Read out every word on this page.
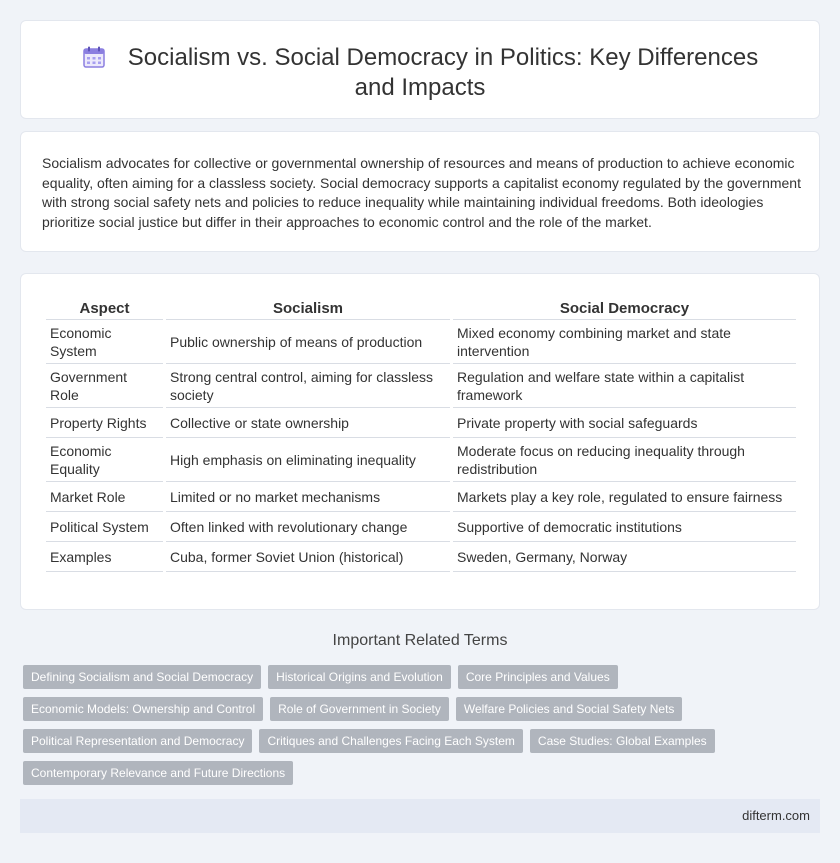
Socialism vs. Social Democracy in Politics: Key Differences and Impacts

Socialism advocates for collective or governmental ownership of resources and means of production to achieve economic equality, often aiming for a classless society. Social democracy supports a capitalist economy regulated by the government with strong social safety nets and policies to reduce inequality while maintaining individual freedoms. Both ideologies prioritize social justice but differ in their approaches to economic control and the role of the market.

Aspect	Socialism	Social Democracy
Economic System	Public ownership of means of production	Mixed economy combining market and state intervention
Government Role	Strong central control, aiming for classless society	Regulation and welfare state within a capitalist framework
Property Rights	Collective or state ownership	Private property with social safeguards
Economic Equality	High emphasis on eliminating inequality	Moderate focus on reducing inequality through redistribution
Market Role	Limited or no market mechanisms	Markets play a key role, regulated to ensure fairness
Political System	Often linked with revolutionary change	Supportive of democratic institutions
Examples	Cuba, former Soviet Union (historical)	Sweden, Germany, Norway
Important Related Terms
Defining Socialism and Social Democracy	Historical Origins and Evolution	Core Principles and Values
Economic Models: Ownership and Control	Role of Government in Society	Welfare Policies and Social Safety Nets
Political Representation and Democracy	Critiques and Challenges Facing Each System	Case Studies: Global Examples
Contemporary Relevance and Future Directions
difterm.com
